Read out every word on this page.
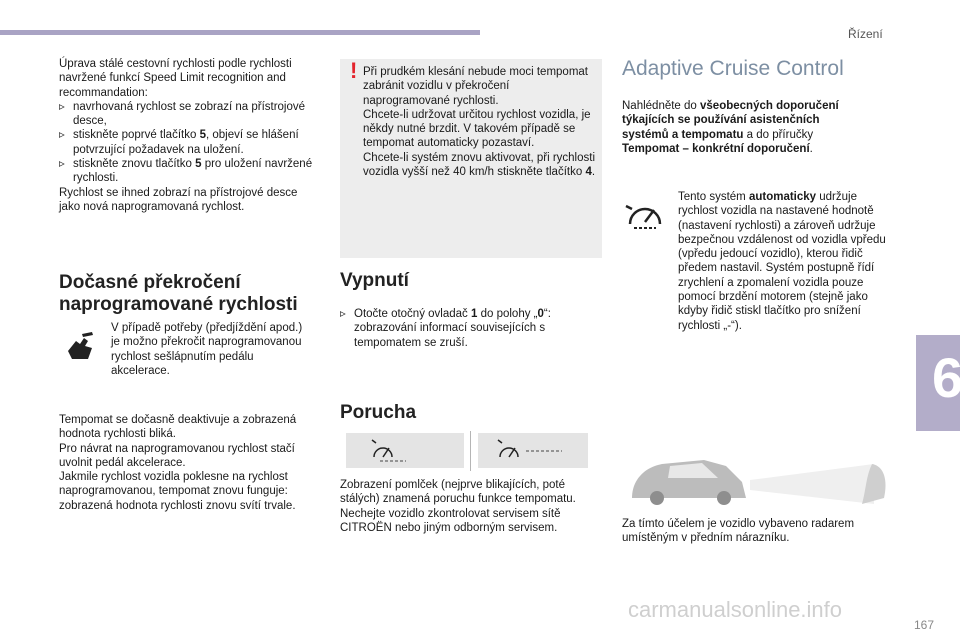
Řízení
6

Úprava stálé cestovní rychlosti podle rychlosti navržené funkcí Speed Limit recognition and recommandation:

▹ navrhovaná rychlost se zobrazí na přístrojové desce,

▹ stiskněte poprvé tlačítko 5, objeví se hlášení potvrzující požadavek na uložení.

▹ stiskněte znovu tlačítko 5 pro uložení navržené rychlosti.

Rychlost se ihned zobrazí na přístrojové desce jako nová naprogramovaná rychlost.

Dočasné překročení
naprogramované rychlosti
V případě potřeby (předjíždění apod.) je možno překročit naprogramovanou rychlost sešlápnutím pedálu akcelerace.
Tempomat se dočasně deaktivuje a zobrazená hodnota rychlosti bliká.
Pro návrat na naprogramovanou rychlost stačí uvolnit pedál akcelerace.
Jakmile rychlost vozidla poklesne na rychlost naprogramovanou, tempomat znovu funguje: zobrazená hodnota rychlosti znovu svítí trvale.
! Při prudkém klesání nebude moci tempomat zabránit vozidlu v překročení naprogramované rychlosti.
Chcete-li udržovat určitou rychlost vozidla, je někdy nutné brzdit. V takovém případě se tempomat automaticky pozastaví.
Chcete-li systém znovu aktivovat, při rychlosti vozidla vyšší než 40 km/h stiskněte tlačítko 4.
Vypnutí
▹ Otočte otočný ovladač 1 do polohy „0“: zobrazování informací souvisejících s tempomatem se zruší.
Porucha
Zobrazení pomlček (nejprve blikajících, poté stálých) znamená poruchu funkce tempomatu. Nechejte vozidlo zkontrolovat servisem sítě CITROËN nebo jiným odborným servisem.
Adaptive Cruise Control
Nahlédněte do všeobecných doporučení týkajících se používání asistenčních systémů a tempomatu a do příručky Tempomat – konkrétní doporučení.
Tento systém automaticky udržuje rychlost vozidla na nastavené hodnotě (nastavení rychlosti) a zároveň udržuje bezpečnou vzdálenost od vozidla vpředu (vpředu jedoucí vozidlo), kterou řidič předem nastavil. Systém postupně řídí zrychlení a zpomalení vozidla pouze pomocí brzdění motorem (stejně jako kdyby řidič stiskl tlačítko pro snížení rychlosti „-“).
Za tímto účelem je vozidlo vybaveno radarem umístěným v předním nárazníku.
carmanualsonline.info
167
